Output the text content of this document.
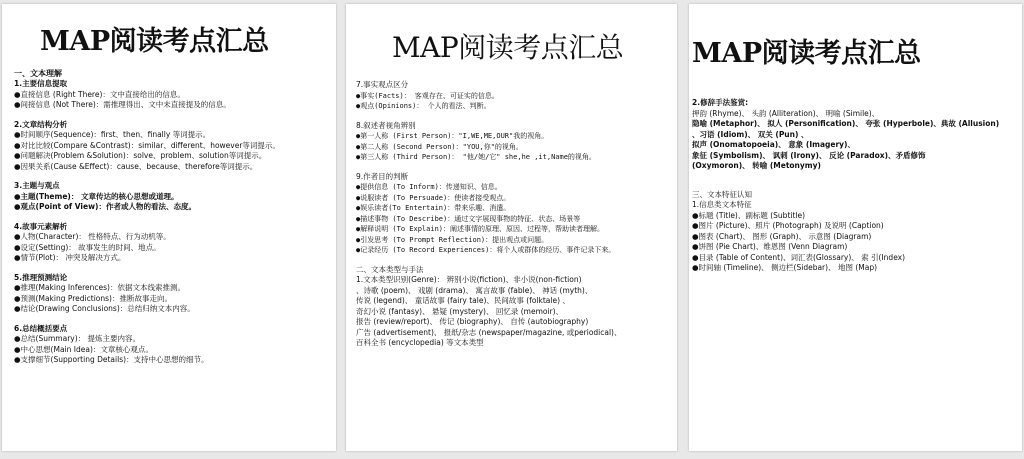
MAP阅读考点汇总
一、文本理解
1.主要信息提取
●直接信息 (Right There)：文中直接给出的信息。
●间接信息 (Not There)：需推理得出、文中未直接提及的信息。
2.文章结构分析
●时间顺序(Sequence)：first、then、finally 等词提示。
●对比比较(Compare &Contrast)：similar、different、however等词提示。
●问题解决(Problem &Solution)：solve、problem、solution等词提示。
●因果关系(Cause &Effect)：cause、because、therefore等词提示。
3.主题与观点
●主题(Theme)： 文章传达的核心思想或道理。
●观点(Point of View)：作者或人物的看法、态度。
4.故事元素解析
●人物(Character)： 性格特点、行为动机等。
●设定(Setting)： 故事发生的时间、地点。
●情节(Plot)： 冲突及解决方式。
5.推理预测结论
●推理(Making Inferences)：依据文本线索推测。
●预测(Making Predictions)：推断故事走向。
●结论(Drawing Conclusions)：总结归纳文本内容。
6.总结概括要点
●总结(Summary)： 提炼主要内容。
●中心思想(Main Idea)：文章核心观点。
●支撑细节(Supporting Details)：支持中心思想的细节。
MAP阅读考点汇总
7.事实观点区分
●事实(Facts)： 客观存在、可证实的信息。
●观点(Opinions)： 个人的看法、判断。
8.叙述者视角辨别
●第一人称 (First Person)："I,WE,ME,OUR"我的视角。
●第二人称 (Second Person)："YOU,你"的视角。
●第三人称 (Third Person)： "他/她/它" she,he ,it,Name的视角。
9.作者目的判断
●提供信息 (To Inform)：传递知识、信息。
●说服读者 (To Persuade)：使读者接受观点。
●娱乐读者(To Entertain)：带来乐趣、消遣。
●描述事物 (To Describe)：通过文字展现事物的特征、状态、场景等
●解释说明 (To Explain)：阐述事情的原理、原因、过程等，帮助读者理解。
●引发思考 (To Prompt Reflection)：提出观点或问题。
●记录经历 (To Record Experiences)：将个人或群体的经历、事件记录下来。
二、文本类型与手法
1.文本类型识别(Genre)： 辨别小说(fiction)、非小说(non-fiction)
、诗歌 (poem)、 戏剧 (drama)、 寓言故事 (fable)、 神话 (myth)、
传说 (legend)、 童话故事 (fairy tale)、民间故事 (folktale) 、
奇幻小说 (fantasy)、 悬疑 (mystery)、 回忆录 (memoir)、
报告 (review/report)、 传记 (biography)、 自传 (autobiography)
广告 (advertisement)、 报纸/杂志 (newspaper/magazine, 或periodical)、
百科全书 (encyclopedia) 等文本类型
MAP阅读考点汇总
2.修辞手法鉴赏:
押韵 (Rhyme)、 头韵 (Alliteration)、 明喻 (Simile)、
隐喻 (Metaphor)、 拟人 (Personification)、 夸张 (Hyperbole)、典故 (Allusion)
、习语 (Idiom)、 双关 (Pun) 、
拟声 (Onomatopoeia)、 意象 (Imagery)、
象征 (Symbolism)、 讽刺 (Irony)、 反论 (Paradox)、矛盾修饰
(Oxymoron)、 转喻 (Metonymy)
三、文本特征认知
1.信息类文本特征
●标题 (Title)、副标题 (Subtitle)
●图片 (Picture)、照片 (Photograph) 及说明 (Caption)
●图表 (Chart)、 图形 (Graph)、 示意图 (Diagram)
●饼图 (Pie Chart)、维恩图 (Venn Diagram)
●目录 (Table of Content)、词汇表(Glossary)、 索 引(Index)
●时间轴 (Timeline)、 侧边栏(Sidebar)、 地图 (Map)
